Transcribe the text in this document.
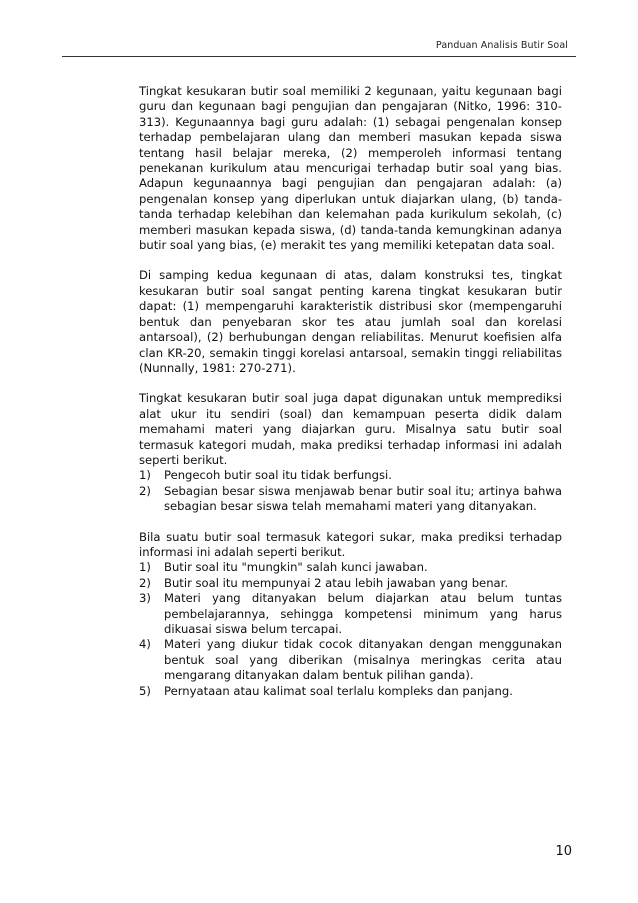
Panduan Analisis Butir Soal

Tingkat kesukaran butir soal memiliki 2 kegunaan, yaitu kegunaan bagi guru dan kegunaan bagi pengujian dan pengajaran (Nitko, 1996: 310-313). Kegunaannya bagi guru adalah: (1) sebagai pengenalan konsep terhadap pembelajaran ulang dan memberi masukan kepada siswa tentang hasil belajar mereka, (2) memperoleh informasi tentang penekanan kurikulum atau mencurigai terhadap butir soal yang bias. Adapun kegunaannya bagi pengujian dan pengajaran adalah: (a) pengenalan konsep yang diperlukan untuk diajarkan ulang, (b) tanda-tanda terhadap kelebihan dan kelemahan pada kurikulum sekolah, (c) memberi masukan kepada siswa, (d) tanda-tanda kemungkinan adanya butir soal yang bias, (e) merakit tes yang memiliki ketepatan data soal.

Di samping kedua kegunaan di atas, dalam konstruksi tes, tingkat kesukaran butir soal sangat penting karena tingkat kesukaran butir dapat: (1) mempengaruhi karakteristik distribusi skor (mempengaruhi bentuk dan penyebaran skor tes atau jumlah soal dan korelasi antarsoal), (2) berhubungan dengan reliabilitas. Menurut koefisien alfa clan KR-20, semakin tinggi korelasi antarsoal, semakin tinggi reliabilitas (Nunnally, 1981: 270-271).

Tingkat kesukaran butir soal juga dapat digunakan untuk memprediksi alat ukur itu sendiri (soal) dan kemampuan peserta didik dalam memahami materi yang diajarkan guru. Misalnya satu butir soal termasuk kategori mudah, maka prediksi terhadap informasi ini adalah seperti berikut.

1)	Pengecoh butir soal itu tidak berfungsi.
2)	Sebagian besar siswa menjawab benar butir soal itu; artinya bahwa sebagian besar siswa telah memahami materi yang ditanyakan.

Bila suatu butir soal termasuk kategori sukar, maka prediksi terhadap informasi ini adalah seperti berikut.

1)	Butir soal itu "mungkin" salah kunci jawaban.
2)	Butir soal itu mempunyai 2 atau lebih jawaban yang benar.
3)	Materi yang ditanyakan belum diajarkan atau belum tuntas pembelajarannya, sehingga kompetensi minimum yang harus dikuasai siswa belum tercapai.
4)	Materi yang diukur tidak cocok ditanyakan dengan menggunakan bentuk soal yang diberikan (misalnya meringkas cerita atau mengarang ditanyakan dalam bentuk pilihan ganda).
5)	Pernyataan atau kalimat soal terlalu kompleks dan panjang.
10
